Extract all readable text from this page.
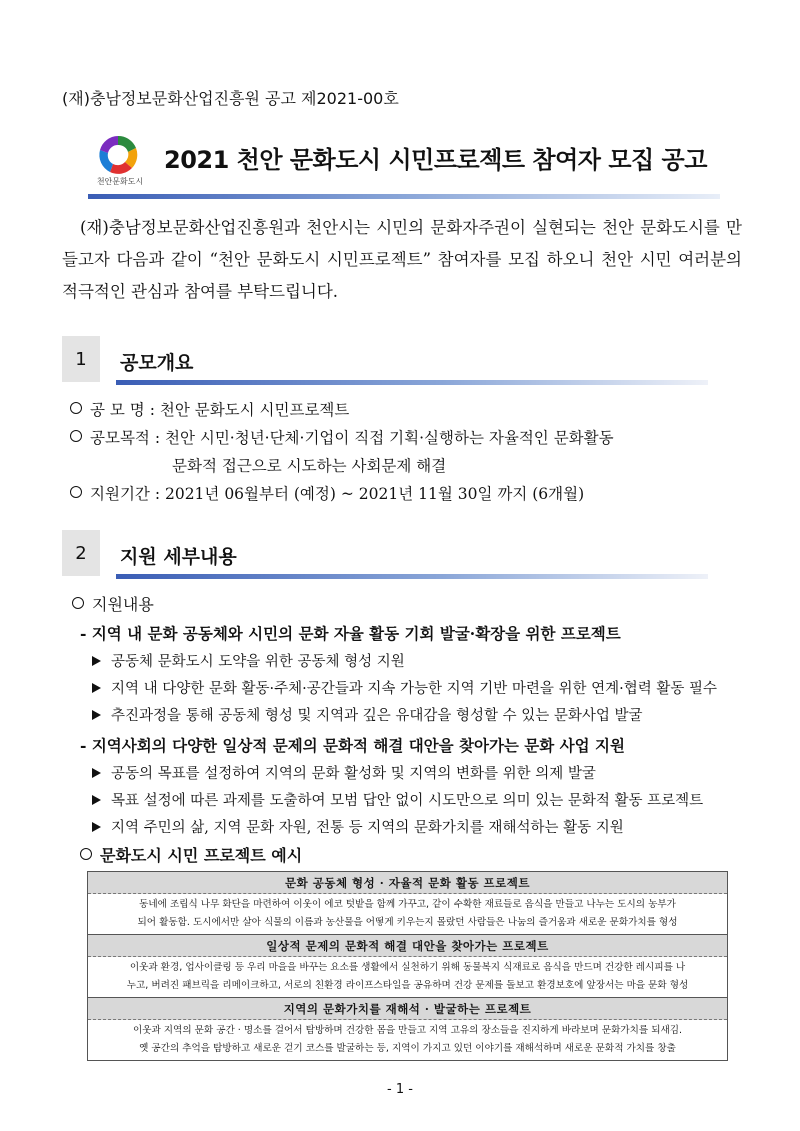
(재)충남정보문화산업진흥원 공고 제2021-00호
천안문화도시
2021 천안 문화도시 시민프로젝트 참여자 모집 공고
(재)충남정보문화산업진흥원과 천안시는 시민의 문화자주권이 실현되는 천안 문화도시를 만들고자 다음과 같이 “천안 문화도시 시민프로젝트” 참여자를 모집 하오니 천안 시민 여러분의 적극적인 관심과 참여를 부탁드립니다.
1	공모개요
공 모 명 : 천안 문화도시 시민프로젝트
공모목적 : 천안 시민·청년·단체·기업이 직접 기획·실행하는 자율적인 문화활동
문화적 접근으로 시도하는 사회문제 해결
지원기간 : 2021년 06월부터 (예정) ~ 2021년 11월 30일 까지 (6개월)
2	지원 세부내용
지원내용
- 지역 내 문화 공동체와 시민의 문화 자율 활동 기회 발굴·확장을 위한 프로젝트
공동체 문화도시 도약을 위한 공동체 형성 지원
지역 내 다양한 문화 활동·주체·공간들과 지속 가능한 지역 기반 마련을 위한 연계·협력 활동 필수
추진과정을 통해 공동체 형성 및 지역과 깊은 유대감을 형성할 수 있는 문화사업 발굴
- 지역사회의 다양한 일상적 문제의 문화적 해결 대안을 찾아가는 문화 사업 지원
공동의 목표를 설정하여 지역의 문화 활성화 및 지역의 변화를 위한 의제 발굴
목표 설정에 따른 과제를 도출하여 모범 답안 없이 시도만으로 의미 있는 문화적 활동 프로젝트
지역 주민의 삶, 지역 문화 자원, 전통 등 지역의 문화가치를 재해석하는 활동 지원
문화도시 시민 프로젝트 예시
문화 공동체 형성 · 자율적 문화 활동 프로젝트

동네에 조립식 나무 화단을 마련하여 이웃이 에코 텃밭을 함께 가꾸고, 같이 수확한 재료들로 음식을 만들고 나누는 도시의 농부가
되어 활동함. 도시에서만 살아 식물의 이름과 농산물을 어떻게 키우는지 몰랐던 사람들은 나눔의 즐거움과 새로운 문화가치를 형성

일상적 문제의 문화적 해결 대안을 찾아가는 프로젝트

이웃과 환경, 업사이클링 등 우리 마을을 바꾸는 요소를 생활에서 실천하기 위해 동물복지 식재료로 음식을 만드며 건강한 레시피를 나
누고, 버려진 패브릭을 리메이크하고, 서로의 친환경 라이프스타일을 공유하며 건강 문제를 돌보고 환경보호에 앞장서는 마을 문화 형성

지역의 문화가치를 재해석 · 발굴하는 프로젝트

이웃과 지역의 문화 공간 · 명소를 걸어서 탐방하며 건강한 몸을 만들고 지역 고유의 장소들을 진지하게 바라보며 문화가치를 되새김.
옛 공간의 추억을 탐방하고 새로운 걷기 코스를 발굴하는 등, 지역이 가지고 있던 이야기를 재해석하며 새로운 문화적 가치를 창출
- 1 -
